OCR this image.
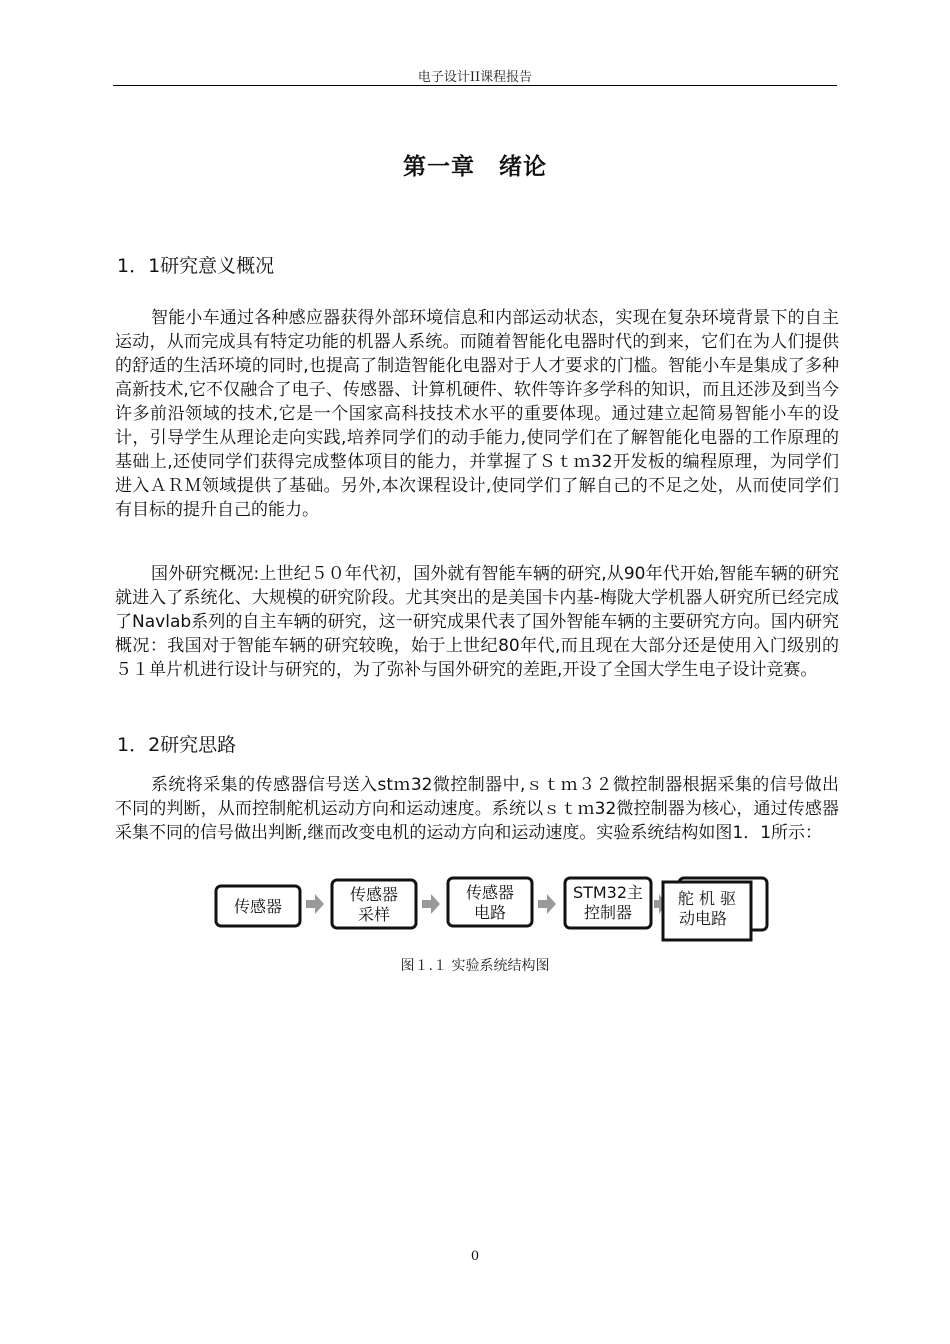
电子设计II课程报告
第一章　绪论
1．1研究意义概况

智能小车通过各种感应器获得外部环境信息和内部运动状态，实现在复杂环境背景下的自主运动，从而完成具有特定功能的机器人系统。而随着智能化电器时代的到来，它们在为人们提供的舒适的生活环境的同时,也提高了制造智能化电器对于人才要求的门槛。智能小车是集成了多种高新技术,它不仅融合了电子、传感器、计算机硬件、软件等许多学科的知识，而且还涉及到当今许多前沿领域的技术,它是一个国家高科技技术水平的重要体现。通过建立起简易智能小车的设计，引导学生从理论走向实践,培养同学们的动手能力,使同学们在了解智能化电器的工作原理的基础上,还使同学们获得完成整体项目的能力，并掌握了Ｓｔｍ32开发板的编程原理，为同学们进入ＡＲＭ领域提供了基础。另外,本次课程设计,使同学们了解自己的不足之处，从而使同学们有目标的提升自己的能力。

国外研究概况:上世纪５０年代初，国外就有智能车辆的研究,从90年代开始,智能车辆的研究就进入了系统化、大规模的研究阶段。尤其突出的是美国卡内基-梅陇大学机器人研究所已经完成了Navlab系列的自主车辆的研究，这一研究成果代表了国外智能车辆的主要研究方向。国内研究概况：我国对于智能车辆的研究较晚，始于上世纪80年代,而且现在大部分还是使用入门级别的５１单片机进行设计与研究的，为了弥补与国外研究的差距,开设了全国大学生电子设计竞赛。

1．2研究思路

系统将采集的传感器信号送入stｍ32微控制器中,ｓｔｍ３２微控制器根据采集的信号做出不同的判断，从而控制舵机运动方向和运动速度。系统以ｓｔｍ32微控制器为核心，通过传感器采集不同的信号做出判断,继而改变电机的运动方向和运动速度。实验系统结构如图1．1所示：

传感器
传感器
采样
传感器
电路
STM32主
控制器
舵 机 驱
动电路
图１.１ 实验系统结构图
0
